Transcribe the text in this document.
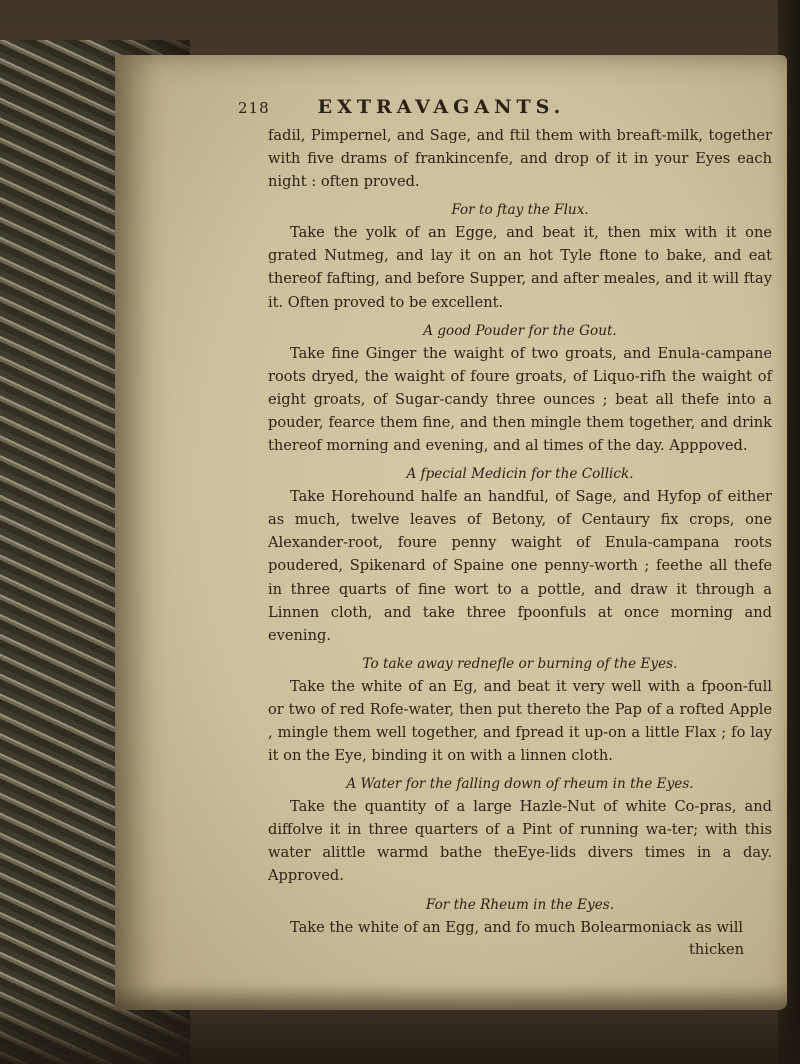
218	EXTRAVAGANTS.

fadil, Pimpernel, and Sage, and ftil them with breaft-milk, together with five drams of frankincenfe, and drop of it in your Eyes each night : often proved.

For to ftay the Flux.

Take the yolk of an Egge, and beat it, then mix with it one grated Nutmeg, and lay it on an hot Tyle ftone to bake, and eat thereof fafting, and before Supper, and after meales, and it will ftay it. Often proved to be excellent.

A good Pouder for the Gout.

Take fine Ginger the waight of two groats, and Enula-campane roots dryed, the waight of foure groats, of Liquo-rifh the waight of eight groats, of Sugar-candy three ounces ; beat all thefe into a pouder, fearce them fine, and then mingle them together, and drink thereof morning and evening, and al times of the day. Apppoved.

A fpecial Medicin for the Collick.

Take Horehound halfe an handful, of Sage, and Hyfop of either as much, twelve leaves of Betony, of Centaury fix crops, one Alexander-root, foure penny waight of Enula-campana roots poudered, Spikenard of Spaine one penny-worth ; feethe all thefe in three quarts of fine wort to a pottle, and draw it through a Linnen cloth, and take three fpoonfuls at once morning and evening.

To take away rednefle or burning of the Eyes.

Take the white of an Eg, and beat it very well with a fpoon-full or two of red Rofe-water, then put thereto the Pap of a rofted Apple , mingle them well together, and fpread it up-on a little Flax ; fo lay it on the Eye, binding it on with a linnen cloth.

A Water for the falling down of rheum in the Eyes.

Take the quantity of a large Hazle-Nut of white Co-pras, and diffolve it in three quarters of a Pint of running wa-ter; with this water alittle warmd bathe theEye-lids divers times in a day. Approved.

For the Rheum in the Eyes.

Take the white of an Egg, and fo much Bolearmoniack as will

thicken
